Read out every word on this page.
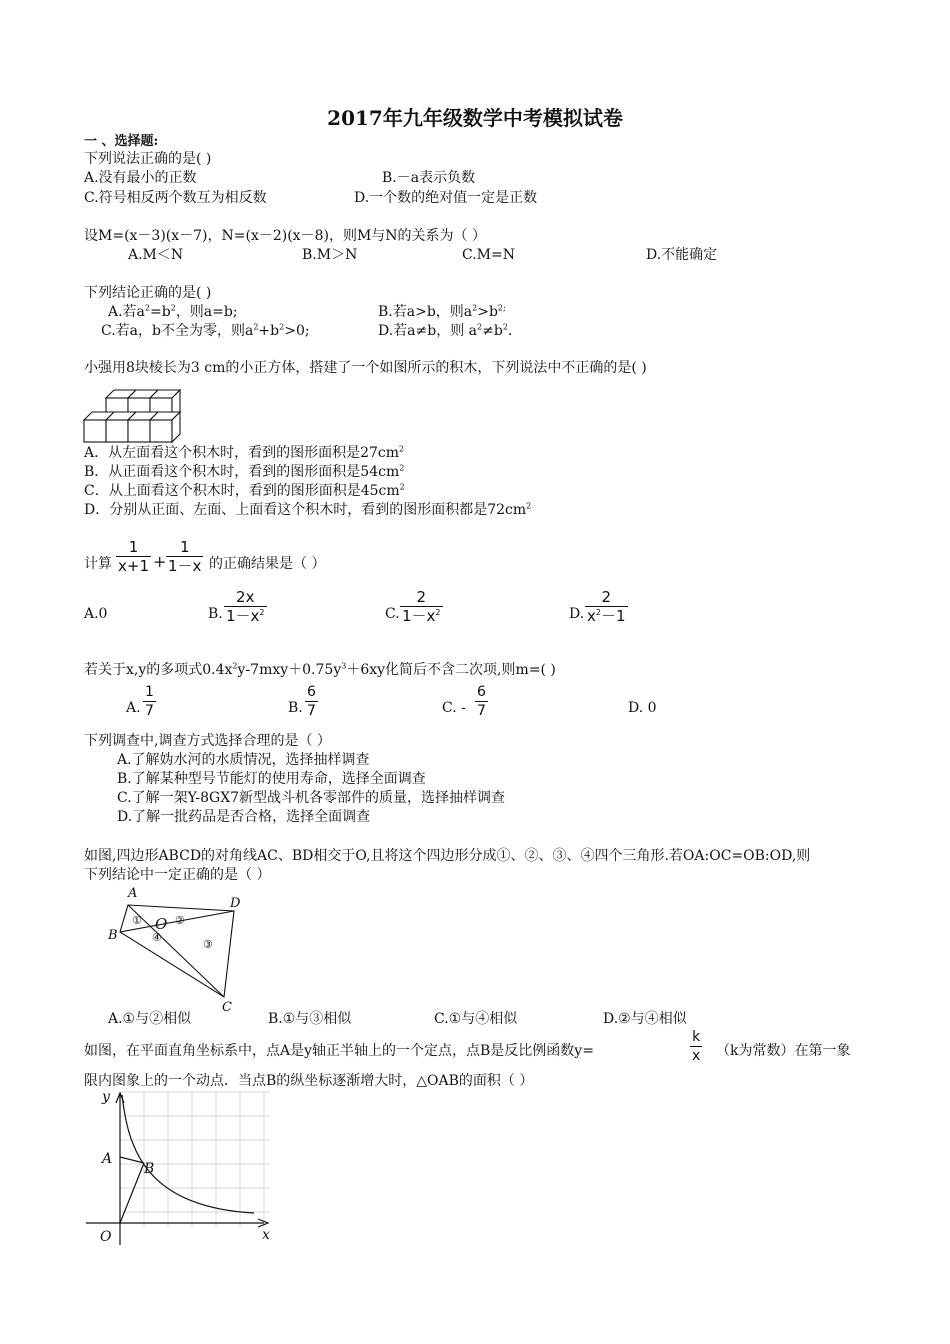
2017年九年级数学中考模拟试卷
一 、选择题:
下列说法正确的是( )
A.没有最小的正数	B.－a表示负数
C.符号相反两个数互为相反数	D.一个数的绝对值一定是正数
设M=(x－3)(x－7)，N=(x－2)(x－8)，则M与N的关系为（ ）
A.M＜N	B.M＞N	C.M=N	D.不能确定
下列结论正确的是( )
A.若$a^2=b^2$，则a=b;	B.若a>b，则$a^2>b^{2;}$
C.若a，b不全为零，则$a^2+b^2>0$;	D.若a≠b，则 $a^2\ne b^2$.
小强用8块棱长为3 cm的小正方体，搭建了一个如图所示的积木，下列说法中不正确的是( )
A．从左面看这个积木时，看到的图形面积是$27cm^2$
B．从正面看这个积木时，看到的图形面积是$54cm^2$
C．从上面看这个积木时，看到的图形面积是$45cm^2$
D．分别从正面、左面、上面看这个积木时，看到的图形面积都是$72cm^2$
计算 $\frac{1}{x+1} + \frac{1}{1-x}$ 的正确结果是（ ）
A.0	B. $\frac{2x}{1-x^2}$	C. $\frac{2}{1-x^2}$	D. $\frac{2}{x^2-1}$
若关于x,y的多项式$0.4x^2y-7mxy+0.75y^3+6xy$化简后不含二次项,则m=( )
A. $\frac{1}{7}$	B. $\frac{6}{7}$	C. - $\frac{6}{7}$	D. 0
下列调查中,调查方式选择合理的是（ ）
A.了解妫水河的水质情况，选择抽样调查
B.了解某种型号节能灯的使用寿命，选择全面调查
C.了解一架Y-8GX7新型战斗机各零部件的质量，选择抽样调查
D.了解一批药品是否合格，选择全面调查
如图,四边形ABCD的对角线AC、BD相交于O,且将这个四边形分成①、②、③、④四个三角形.若OA:OC=OB:OD,则
下列结论中一定正确的是（ ）
A
B
C
D
O
①	②
③
④
A.①与②相似	B.①与③相似	C.①与④相似	D.②与④相似
如图，在平面直角坐标系中，点A是y轴正半轴上的一个定点，点B是反比例函数y=	$\frac{k}{x} (k$为常数）在第一象
限内图象上的一个动点．当点B的纵坐标逐渐增大时，△OAB的面积（ ）
y
x
O
A
B
